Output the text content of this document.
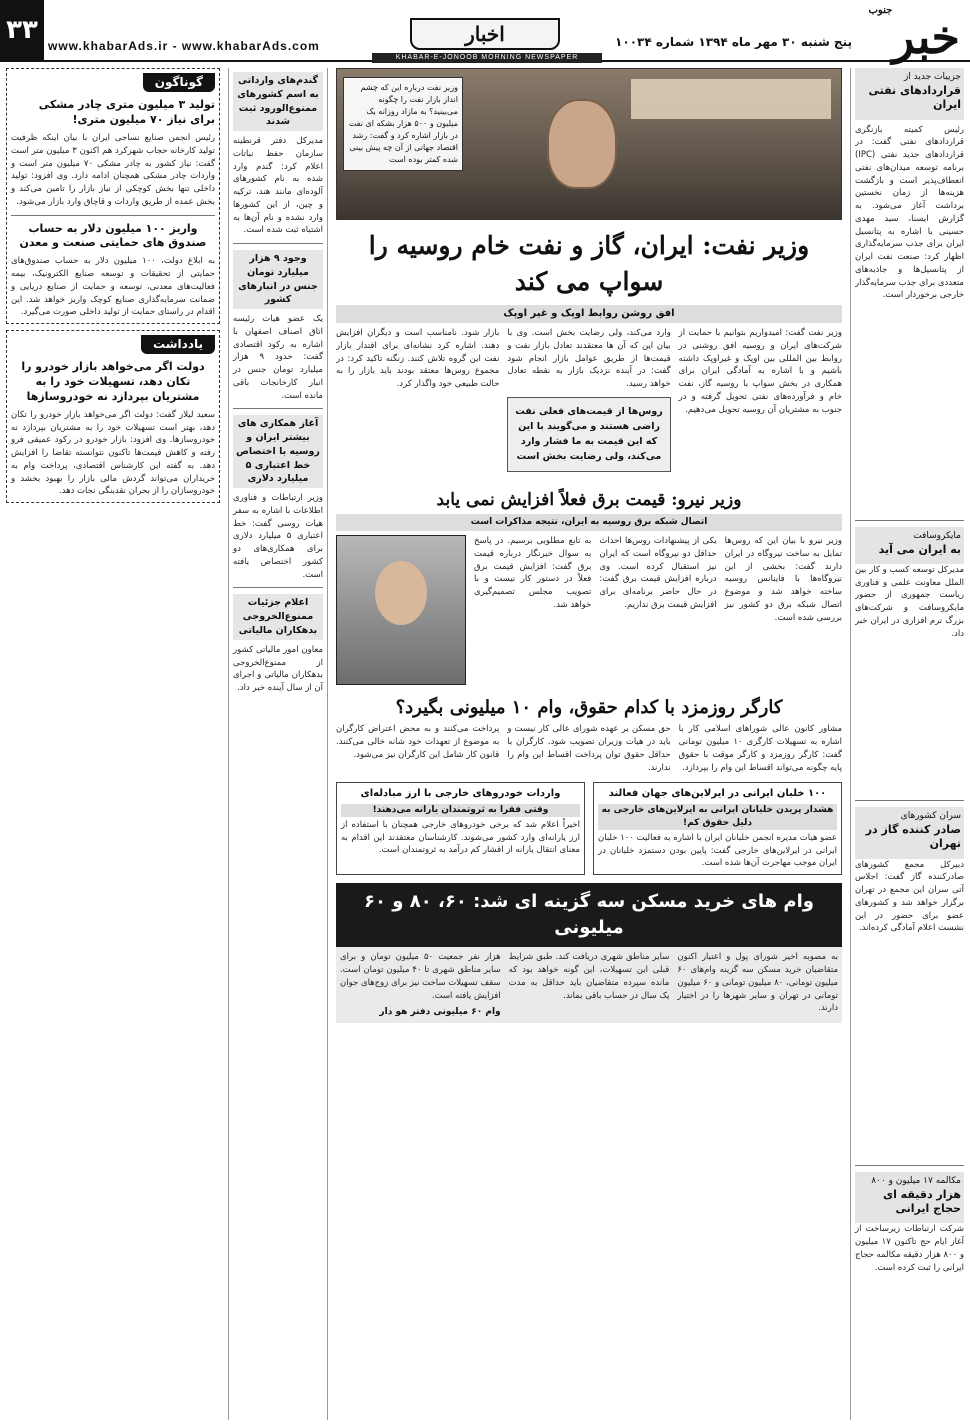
خبر$^{جنوب}$
پنج شنبه ۳۰ مهر ماه ۱۳۹۴ شماره ۱۰۰۳۴
اخبار
KHABAR-E-JONOOB MORNING NEWSPAPER
www.khabarAds.ir - www.khabarAds.com
۳۳
جزییات جدید از
قراردادهای نفتی ایران

رئیس کمیته بازنگری قراردادهای نفتی گفت: در قراردادهای جدید نفتی (IPC) برنامه توسعه میدان‌های نفتی انعطاف‌پذیر است و بازگشت هزینه‌ها از زمان نخستین برداشت آغاز می‌شود. به گزارش ایسنا، سید مهدی حسینی با اشاره به پتانسیل ایران برای جذب سرمایه‌گذاری اظهار کرد: صنعت نفت ایران از پتانسیل‌ها و جاذبه‌های متعددی برای جذب سرمایه‌گذار خارجی برخوردار است.

مایکروسافت
به ایران می آید

مدیرکل توسعه کسب و کار بین الملل معاونت علمی و فناوری ریاست جمهوری از حضور مایکروسافت و شرکت‌های بزرگ نرم افزاری در ایران خبر داد.

سران کشورهای
صادر کننده گاز در تهران

دبیرکل مجمع کشورهای صادرکننده گاز گفت: اجلاس آتی سران این مجمع در تهران برگزار خواهد شد و کشورهای عضو برای حضور در این نشست اعلام آمادگی کرده‌اند.

مکالمه ۱۷ میلیون و ۸۰۰
هزار دقیقه ای حجاج ایرانی

شرکت ارتباطات زیرساخت از آغاز ایام حج تاکنون ۱۷ میلیون و ۸۰۰ هزار دقیقه مکالمه حجاج ایرانی را ثبت کرده است.

وزیر نفت درباره این که چشم انداز بازار نفت را چگونه می‌بینید؟ به مازاد روزانه یک میلیون و ۵۰۰ هزار بشکه ای نفت در بازار اشاره کرد و گفت: رشد اقتصاد جهانی از آن چه پیش بینی شده کمتر بوده است
وزیر نفت: ایران، گاز و نفت خام روسیه را سواپ می کند
افق روشن روابط اوپک و غیر اوپک

وزیر نفت گفت: امیدواریم بتوانیم با حمایت از شرکت‌های ایران و روسیه افق روشنی در روابط بین المللی بین اوپک و غیراوپک داشته باشیم و با اشاره به آمادگی ایران برای همکاری در بخش سواپ با روسیه گاز، نفت خام و فرآورده‌های نفتی تحویل گرفته و در جنوب به مشتریان آن روسیه تحویل می‌دهیم.

وارد می‌کند، ولی رضایت بخش است. وی با بیان این که آن ها معتقدند تعادل بازار نفت و قیمت‌ها از طریق عوامل بازار انجام شود گفت: در آینده نزدیک بازار به نقطه تعادل خواهد رسید.

روس‌ها از قیمت‌های فعلی نفت راضی هستند و می‌گویند با این که این قیمت به ما فشار وارد می‌کند، ولی رضایت بخش است

بازار شود. نامناسب است و دیگران افزایش دهند. اشاره کرد نشانه‌ای برای اقتدار بازار نفت این گروه تلاش کنند. زنگنه تاکید کرد: در مجموع روس‌ها معتقد بودند باید بازار را به حالت طبیعی خود واگذار کرد.

وزیر نیرو: قیمت برق فعلاً افزایش نمی یابد
اتصال شبکه برق روسیه به ایران، نتیجه مذاکرات است

وزیر نیرو با بیان این که روس‌ها تمایل به ساخت نیروگاه در ایران دارند گفت: بخشی از این نیروگاه‌ها با فاینانس روسیه ساخته خواهد شد و موضوع اتصال شبکه برق دو کشور نیز بررسی شده است.

یکی از پیشنهادات روس‌ها احداث حداقل دو نیروگاه است که ایران نیز استقبال کرده است. وی درباره افزایش قیمت برق گفت: در حال حاضر برنامه‌ای برای افزایش قیمت برق نداریم.

به تابع مطلوبی برسیم. در پاسخ به سوال خبرنگار درباره قیمت برق گفت: افزایش قیمت برق فعلاً در دستور کار نیست و با تصویب مجلس تصمیم‌گیری خواهد شد.

کارگر روزمزد با کدام حقوق، وام ۱۰ میلیونی بگیرد؟

مشاور کانون عالی شوراهای اسلامی کار با اشاره به تسهیلات کارگری ۱۰ میلیون تومانی گفت: کارگر روزمزد و کارگر موقت با حقوق پایه چگونه می‌تواند اقساط این وام را بپردازد.

حق مسکن بر عهده شورای عالی کار نیست و باید در هیات وزیران تصویب شود. کارگران با حداقل حقوق توان پرداخت اقساط این وام را ندارند.

پرداخت می‌کنند و به محض اعتراض کارگران به موضوع از تعهدات خود شانه خالی می‌کنند. قانون کار شامل این کارگران نیز می‌شود.

۱۰۰ خلبان ایرانی در ایرلاین‌های جهان فعالند
هشدار پریدن خلبانان ایرانی به ایرلاین‌های خارجی به دلیل حقوق کم!

عضو هیات مدیره انجمن خلبانان ایران با اشاره به فعالیت ۱۰۰ خلبان ایرانی در ایرلاین‌های خارجی گفت: پایین بودن دستمزد خلبانان در ایران موجب مهاجرت آن‌ها شده است.

واردات خودروهای خارجی با ارز مبادله‌ای
وقتی فقرا به ثروتمندان یارانه می‌دهند!

اخیراً اعلام شد که برخی خودروهای خارجی همچنان با استفاده از ارز یارانه‌ای وارد کشور می‌شوند. کارشناسان معتقدند این اقدام به معنای انتقال یارانه از اقشار کم درآمد به ثروتمندان است.

وام های خرید مسکن سه گزینه ای شد: ۶۰، ۸۰ و ۶۰ میلیونی

به مصوبه اخیر شورای پول و اعتبار اکنون متقاضیان خرید مسکن سه گزینه وام‌های ۶۰ میلیون تومانی، ۸۰ میلیون تومانی و ۶۰ میلیون تومانی در تهران و سایر شهرها را در اختیار دارند.

سایر مناطق شهری دریافت کند. طبق شرایط قبلی این تسهیلات، این گونه خواهد بود که مانده سپرده متقاضیان باید حداقل به مدت یک سال در حساب باقی بماند.

هزار نفر جمعیت ۵۰ میلیون تومان و برای سایر مناطق شهری تا ۴۰ میلیون تومان است. سقف تسهیلات ساخت نیز برای زوج‌های جوان افزایش یافته است.

وام ۶۰ میلیونی دفتر هو دار
گندم‌های وارداتی به اسم کشورهای ممنوع‌الورود ثبت شدند

مدیرکل دفتر قرنطینه سازمان حفظ نباتات اعلام کرد: گندم وارد شده به نام کشورهای آلوده‌ای مانند هند، ترکیه و چین، از این کشورها وارد نشده و نام آن‌ها به اشتباه ثبت شده است.

وجود ۹ هزار میلیارد تومان جنس در انبارهای کشور

یک عضو هیات رئیسه اتاق اصناف اصفهان با اشاره به رکود اقتصادی گفت: حدود ۹ هزار میلیارد تومان جنس در انبار کارخانجات باقی مانده است.

آغاز همکاری های بیشتر ایران و روسیه با اختصاص خط اعتباری ۵ میلیارد دلاری

وزیر ارتباطات و فناوری اطلاعات با اشاره به سفر هیات روسی گفت: خط اعتباری ۵ میلیارد دلاری برای همکاری‌های دو کشور اختصاص یافته است.

اعلام جزئیات ممنوع‌الخروجی بدهکاران مالیاتی

معاون امور مالیاتی کشور از ممنوع‌الخروجی بدهکاران مالیاتی و اجرای آن از سال آینده خبر داد.

گوناگون
تولید ۳ میلیون متری چادر مشکی برای نیاز ۷۰ میلیون متری!

رئیس انجمن صنایع نساجی ایران با بیان اینکه ظرفیت تولید کارخانه حجاب شهرکرد هم اکنون ۳ میلیون متر است گفت: نیاز کشور به چادر مشکی ۷۰ میلیون متر است و واردات چادر مشکی همچنان ادامه دارد. وی افزود: تولید داخلی تنها بخش کوچکی از نیاز بازار را تامین می‌کند و بخش عمده از طریق واردات و قاچاق وارد بازار می‌شود.

واریز ۱۰۰ میلیون دلار به حساب صندوق های حمایتی صنعت و معدن

به ابلاغ دولت، ۱۰۰ میلیون دلار به حساب صندوق‌های حمایتی از تحقیقات و توسعه صنایع الکترونیک، بیمه فعالیت‌های معدنی، توسعه و حمایت از صنایع دریایی و ضمانت سرمایه‌گذاری صنایع کوچک واریز خواهد شد. این اقدام در راستای حمایت از تولید داخلی صورت می‌گیرد.

یادداشت
دولت اگر می‌خواهد بازار خودرو را تکان دهد، تسهیلات خود را به مشتریان بپردازد نه خودروسازها

سعید لیلاز گفت: دولت اگر می‌خواهد بازار خودرو را تکان دهد، بهتر است تسهیلات خود را به مشتریان بپردازد نه خودروسازها. وی افزود: بازار خودرو در رکود عمیقی فرو رفته و کاهش قیمت‌ها تاکنون نتوانسته تقاضا را افزایش دهد. به گفته این کارشناس اقتصادی، پرداخت وام به خریداران می‌تواند گردش مالی بازار را بهبود بخشد و خودروسازان را از بحران نقدینگی نجات دهد.
